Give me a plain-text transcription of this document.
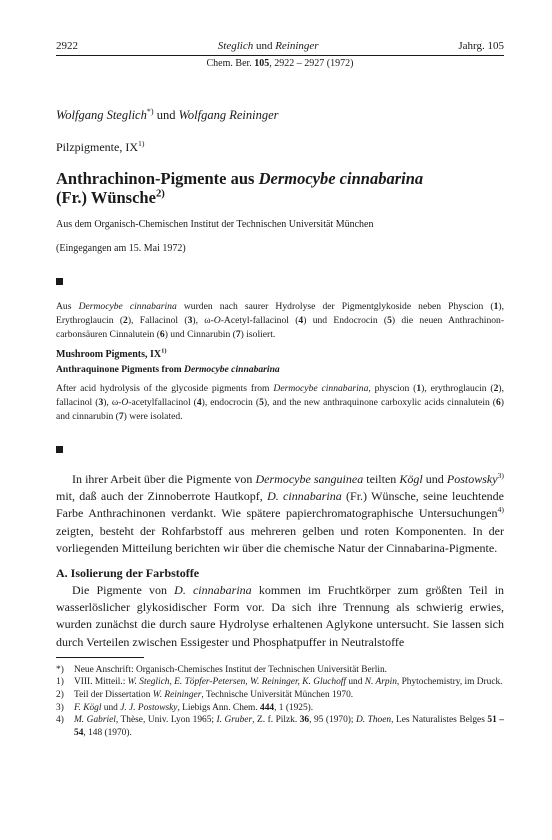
2922	Steglich und Reininger	Jahrg. 105
Chem. Ber. 105, 2922 – 2927 (1972)
Wolfgang Steglich*) und Wolfgang Reininger
Pilzpigmente, IX$^{1)}$
Anthrachinon-Pigmente aus Dermocybe cinnabarina
(Fr.) Wünsche$^{2)}$
Aus dem Organisch-Chemischen Institut der Technischen Universität München
(Eingegangen am 15. Mai 1972)
Aus Dermocybe cinnabarina wurden nach saurer Hydrolyse der Pigmentglykoside neben Physcion (1), Erythroglaucin (2), Fallacinol (3), ω-O-Acetyl-fallacinol (4) und Endocrocin (5) die neuen Anthrachinon-carbonsäuren Cinnalutein (6) und Cinnarubin (7) isoliert.
Mushroom Pigments, IX$^{1)}$
Anthraquinone Pigments from Dermocybe cinnabarina
After acid hydrolysis of the glycoside pigments from Dermocybe cinnabarina, physcion (1), erythroglaucin (2), fallacinol (3), ω-O-acetylfallacinol (4), endocrocin (5), and the new anthraquinone carboxylic acids cinnalutein (6) and cinnarubin (7) were isolated.

In ihrer Arbeit über die Pigmente von Dermocybe sanguinea teilten Kögl und Postowsky$^{3)}$ mit, daß auch der Zinnoberrote Hautkopf, D. cinnabarina (Fr.) Wünsche, seine leuchtende Farbe Anthrachinonen verdankt. Wie spätere papierchromatographische Untersuchungen$^{4)}$ zeigten, besteht der Rohfarbstoff aus mehreren gelben und roten Komponenten. In der vorliegenden Mitteilung berichten wir über die chemische Natur der Cinnabarina-Pigmente.

A. Isolierung der Farbstoffe

Die Pigmente von D. cinnabarina kommen im Fruchtkörper zum größten Teil in wasserlöslicher glykosidischer Form vor. Da sich ihre Trennung als schwierig erwies, wurden zunächst die durch saure Hydrolyse erhaltenen Aglykone untersucht. Sie lassen sich durch Verteilen zwischen Essigester und Phosphatpuffer in Neutralstoffe

*)	Neue Anschrift: Organisch-Chemisches Institut der Technischen Universität Berlin.
1)	VIII. Mitteil.: W. Steglich, E. Töpfer-Petersen, W. Reininger, K. Gluchoff und N. Arpin, Phytochemistry, im Druck.
2)	Teil der Dissertation W. Reininger, Technische Universität München 1970.
3)	F. Kögl und J. J. Postowsky, Liebigs Ann. Chem. 444, 1 (1925).
4)	M. Gabriel, Thèse, Univ. Lyon 1965; I. Gruber, Z. f. Pilzk. 36, 95 (1970); D. Thoen, Les Naturalistes Belges 51 – 54, 148 (1970).
